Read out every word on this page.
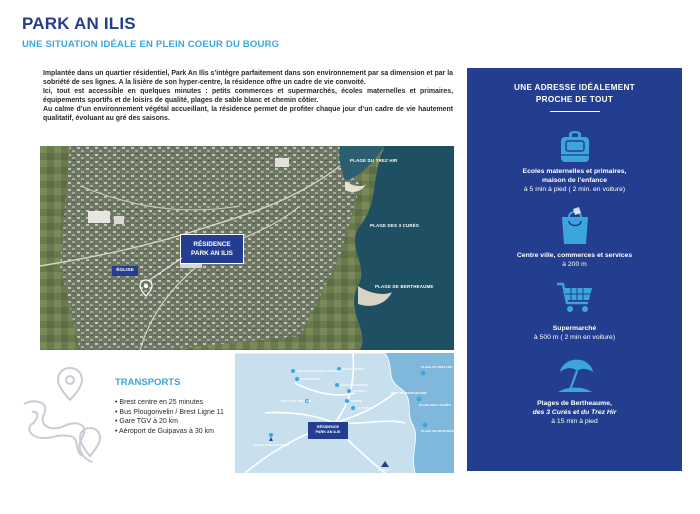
PARK AN ILIS
UNE SITUATION IDÉALE EN PLEIN COEUR DU BOURG

Implantée dans un quartier résidentiel, Park An Ilis s’intègre parfaitement dans son environnement par sa dimension et par la sobriété de ses lignes. A la lisière de son hyper-centre, la résidence offre un cadre de vie convoité.

Ici, tout est accessible en quelques minutes : petits commerces et supermarchés, écoles maternelles et primaires, équipements sportifs et de loisirs de qualité, plages de sable blanc et chemin côtier.

Au calme d’un environnement végétal accueillant, la résidence permet de profiter chaque jour d’un cadre de vie hautement qualitatif, évoluant au gré des saisons.

PLAGE DU TREZ HIR
PLAGE DES 3 CURÉS
PLAGE DE BERTHEAUME
RÉSIDENCE
PARK AN ILIS
ÉGLISE
TRANSPORTS
• Brest centre en 25 minutes
• Bus Plougonvelin / Brest Ligne 11
• Gare TGV à 20 km
• Aéroport de Guipavas à 30 km
ESPACE CULTUREL KERNUST ÉCOLE PRIVÉE
GYMNASIUM
ÉCOLE PUBLIQUE
SALLE DU TREZ HIR
SUPER U
MAIRIE
LA POSTE
FORT DE BERTHEAUME
PLAGE DU TREZ HIR
PLAGE DES 3 CURÉS
PLAGE DE BERTHEAUME
POINTE SAINT-MATHIEU
BREST
RÉSIDENCE
PARK AN ILIS
UNE ADRESSE IDÉALEMENT
PROCHE DE TOUT
Ecoles maternelles et primaires,
maison de l’enfance
à 5 min à pied ( 2 min. en voiture)
Centre ville, commerces et services
à 200 m
Supermarché
à 500 m ( 2 min en voiture)
Plages de Bertheaume,
des 3 Curés et du Trez Hir
à 15 min à pied
